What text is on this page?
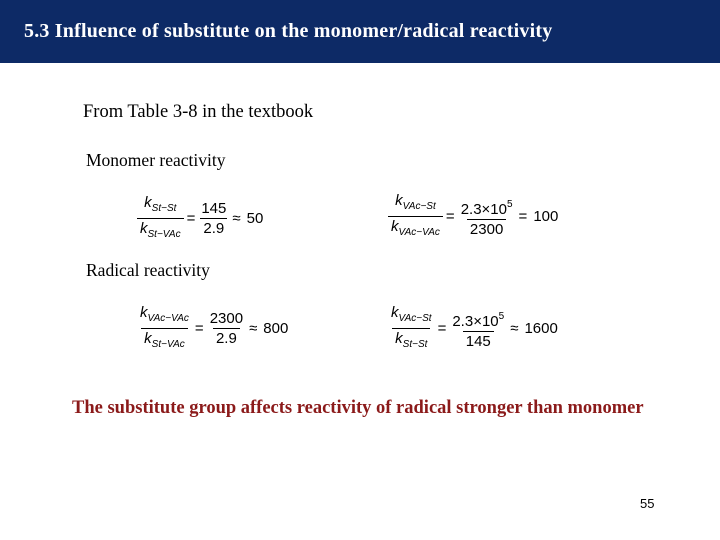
5.3 Influence of substitute on the monomer/radical reactivity
From Table 3-8 in the textbook
Monomer reactivity
$\frac{k_{St-St}}{k_{St-VAc}} = \frac{145}{2.9} \approx 50$	$\frac{k_{VAc-St}}{k_{VAc-VAc}} = \frac{2.3\times 10^5}{2300} = 100$
Radical reactivity
$\frac{k_{VAc-VAc}}{k_{St-VAc}} = \frac{2300}{2.9} \approx 800$	$\frac{k_{VAc-St}}{k_{St-St}} = \frac{2.3\times 10^5}{145} \approx 1600$
The substitute group affects reactivity of radical stronger than monomer
55
